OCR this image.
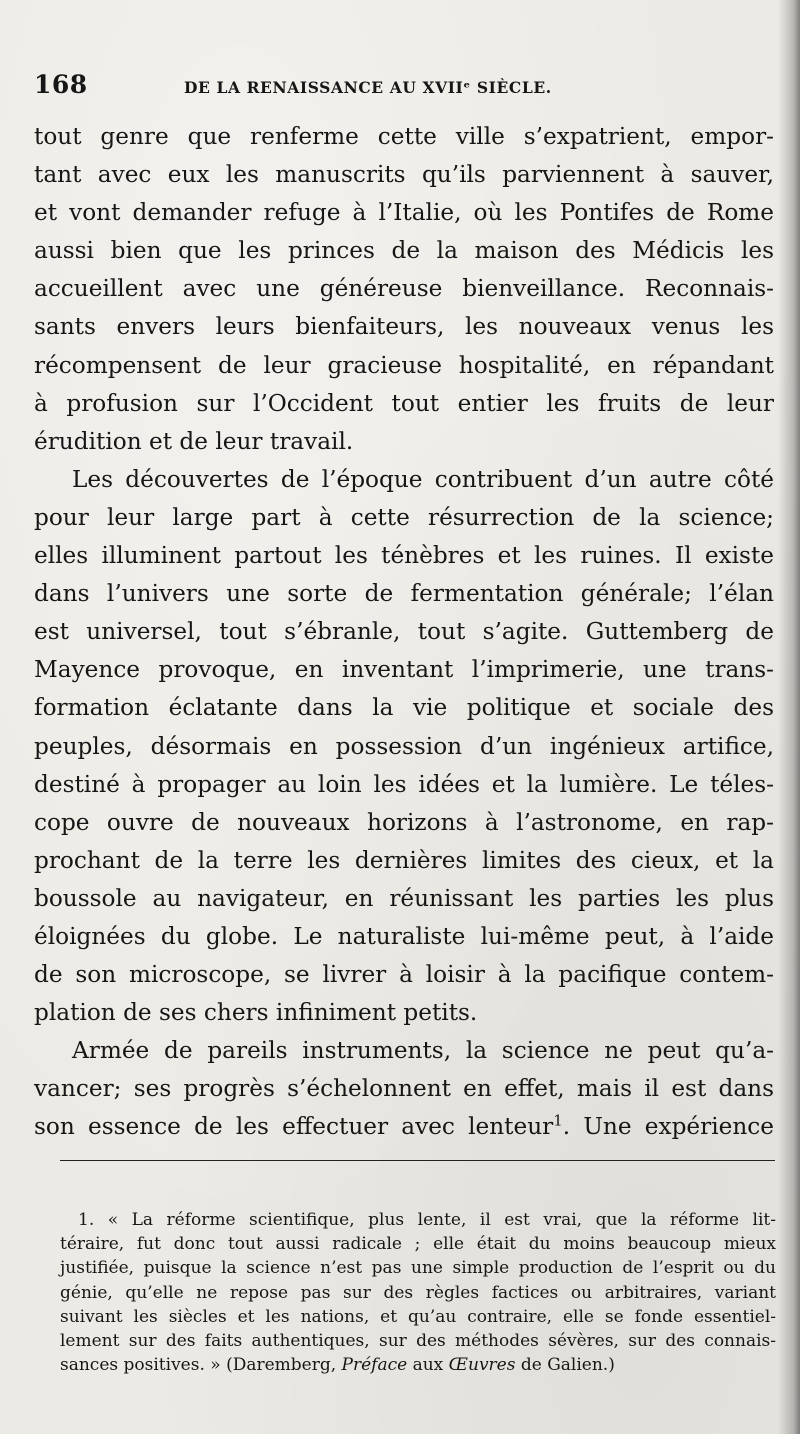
168	DE LA RENAISSANCE AU XVIIᵉ SIÈCLE.

tout genre que renferme cette ville s’expatrient, empor-
tant avec eux les manuscrits qu’ils parviennent à sauver,
et vont demander refuge à l’Italie, où les Pontifes de Rome
aussi bien que les princes de la maison des Médicis les
accueillent avec une généreuse bienveillance. Reconnais-
sants envers leurs bienfaiteurs, les nouveaux venus les
récompensent de leur gracieuse hospitalité, en répandant
à profusion sur l’Occident tout entier les fruits de leur
érudition et de leur travail.

Les découvertes de l’époque contribuent d’un autre côté
pour leur large part à cette résurrection de la science;
elles illuminent partout les ténèbres et les ruines. Il existe
dans l’univers une sorte de fermentation générale; l’élan
est universel, tout s’ébranle, tout s’agite. Guttemberg de
Mayence provoque, en inventant l’imprimerie, une trans-
formation éclatante dans la vie politique et sociale des
peuples, désormais en possession d’un ingénieux artifice,
destiné à propager au loin les idées et la lumière. Le téles-
cope ouvre de nouveaux horizons à l’astronome, en rap-
prochant de la terre les dernières limites des cieux, et la
boussole au navigateur, en réunissant les parties les plus
éloignées du globe. Le naturaliste lui-même peut, à l’aide
de son microscope, se livrer à loisir à la pacifique contem-
plation de ses chers infiniment petits.

Armée de pareils instruments, la science ne peut qu’a-
vancer; ses progrès s’échelonnent en effet, mais il est dans
son essence de les effectuer avec lenteur$^1$. Une expérience

1. « La réforme scientifique, plus lente, il est vrai, que la réforme lit-
téraire, fut donc tout aussi radicale ; elle était du moins beaucoup mieux
justifiée, puisque la science n’est pas une simple production de l’esprit ou du
génie, qu’elle ne repose pas sur des règles factices ou arbitraires, variant
suivant les siècles et les nations, et qu’au contraire, elle se fonde essentiel-
lement sur des faits authentiques, sur des méthodes sévères, sur des connais-
sances positives. » (Daremberg, Préface aux Œuvres de Galien.)
